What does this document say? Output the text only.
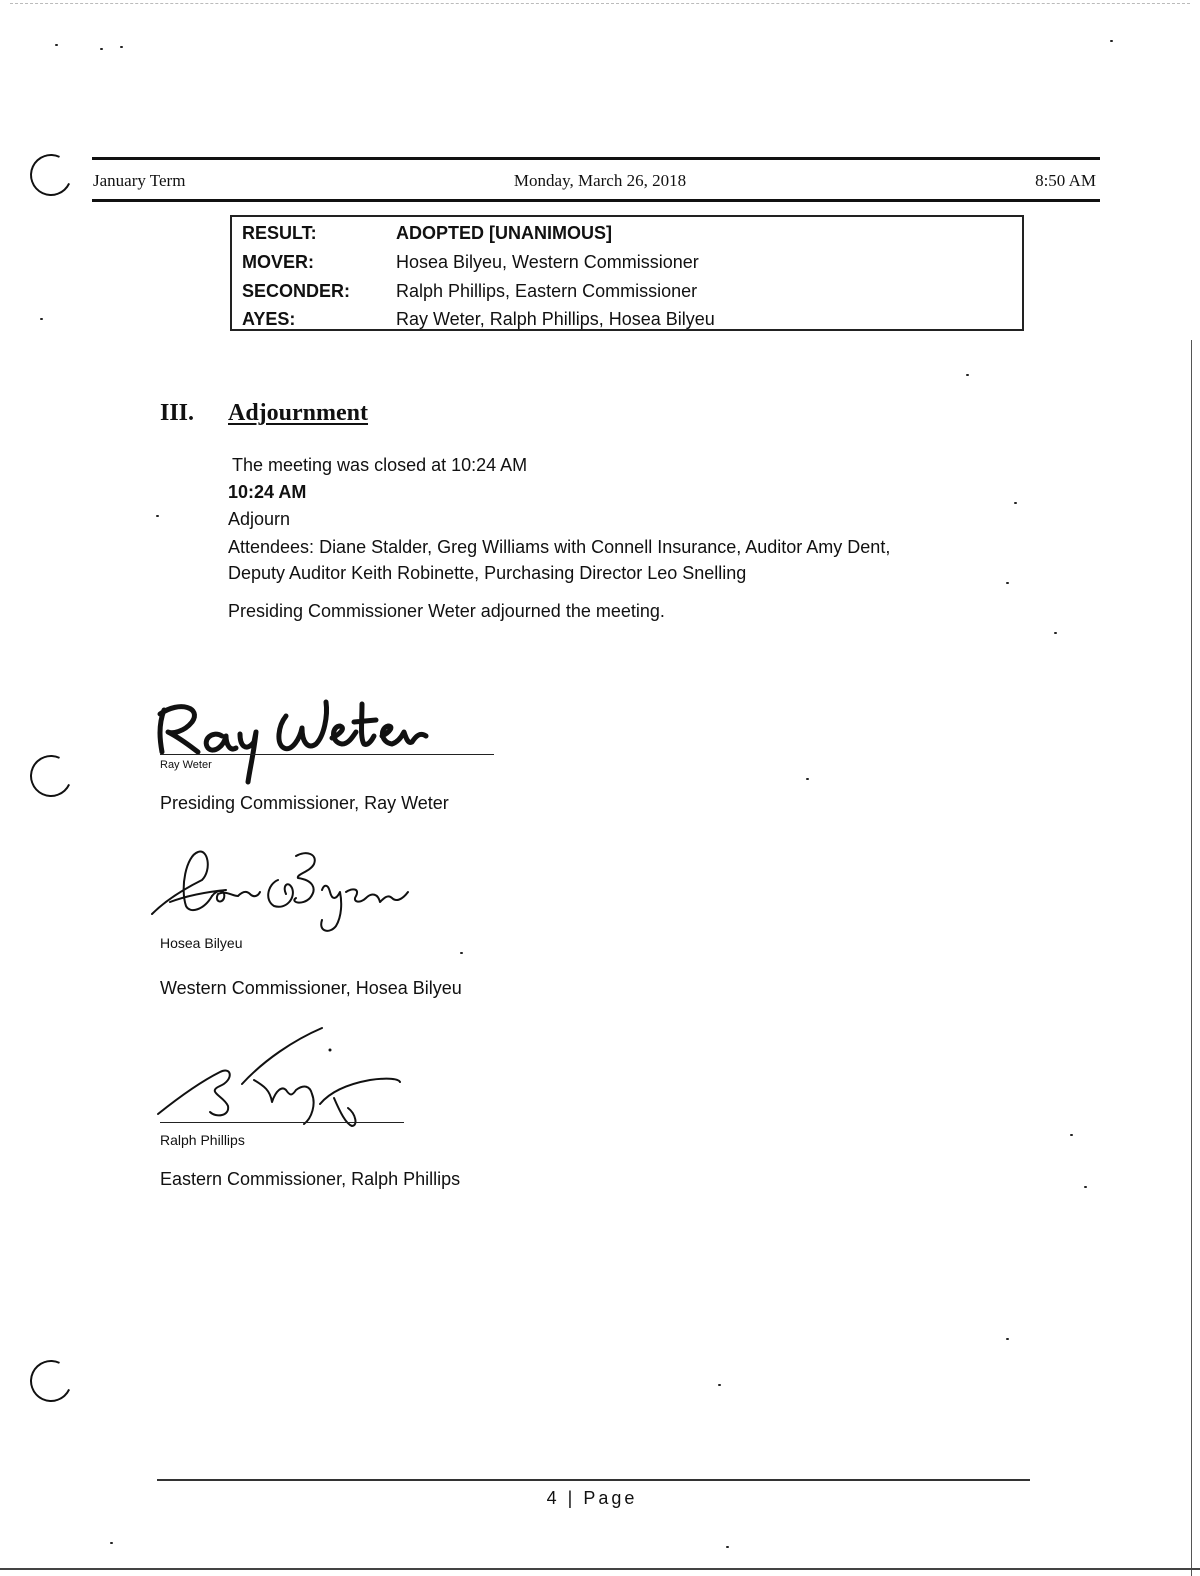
January Term	Monday, March 26, 2018	8:50 AM
RESULT:	ADOPTED [UNANIMOUS]
MOVER:	Hosea Bilyeu, Western Commissioner
SECONDER:	Ralph Phillips, Eastern Commissioner
AYES:	Ray Weter, Ralph Phillips, Hosea Bilyeu
III. Adjournment
The meeting was closed at 10:24 AM
10:24 AM
Adjourn
Attendees: Diane Stalder, Greg Williams with Connell Insurance, Auditor Amy Dent,
Deputy Auditor Keith Robinette, Purchasing Director Leo Snelling
Presiding Commissioner Weter adjourned the meeting.
Ray Weter
Presiding Commissioner, Ray Weter
Hosea Bilyeu
Western Commissioner, Hosea Bilyeu
Ralph Phillips
Eastern Commissioner, Ralph Phillips
4 | Page
